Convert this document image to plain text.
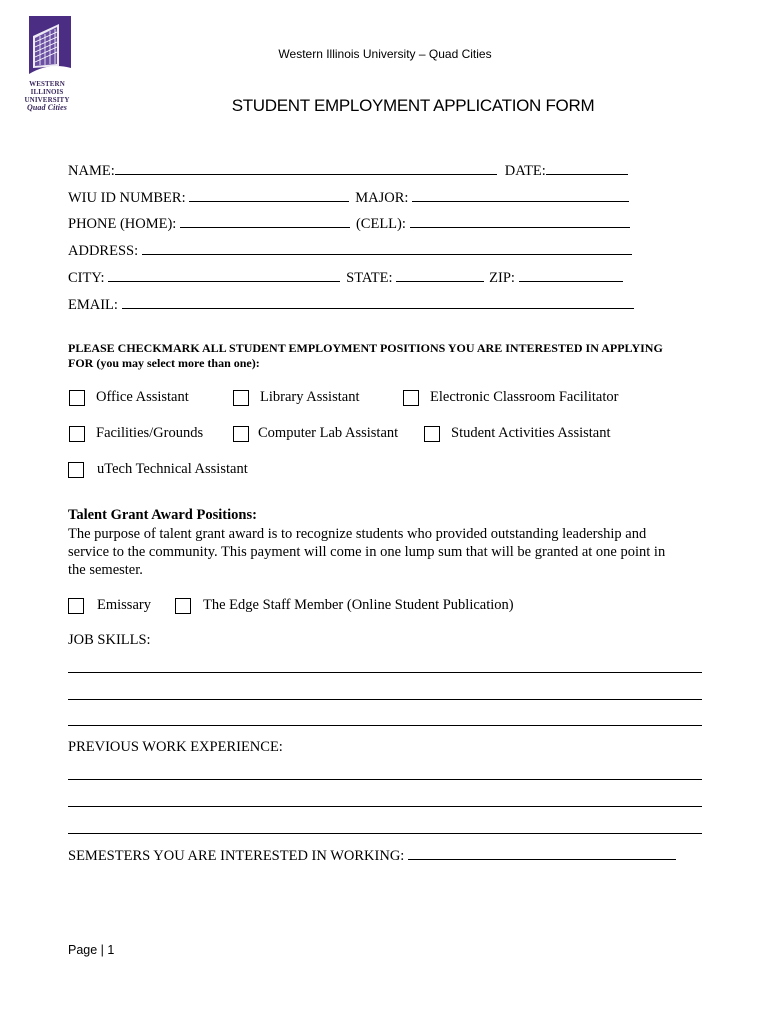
WESTERN
ILLINOIS
UNIVERSITY
Quad Cities
Western Illinois University – Quad Cities
STUDENT EMPLOYMENT APPLICATION FORM
NAME:	DATE:
WIU ID NUMBER:	MAJOR:
PHONE (HOME):	(CELL):
ADDRESS:
CITY:	STATE:	ZIP:
EMAIL:
PLEASE CHECKMARK ALL STUDENT EMPLOYMENT POSITIONS YOU ARE INTERESTED IN APPLYING
FOR (you may select more than one):
Office Assistant	Library Assistant	Electronic Classroom Facilitator
Facilities/Grounds	Computer Lab Assistant	Student Activities Assistant
uTech Technical Assistant
Talent Grant Award Positions:
The purpose of talent grant award is to recognize students who provided outstanding leadership and
service to the community. This payment will come in one lump sum that will be granted at one point in
the semester.
Emissary	The Edge Staff Member (Online Student Publication)
JOB SKILLS:
PREVIOUS WORK EXPERIENCE:
SEMESTERS YOU ARE INTERESTED IN WORKING:
Page | 1
